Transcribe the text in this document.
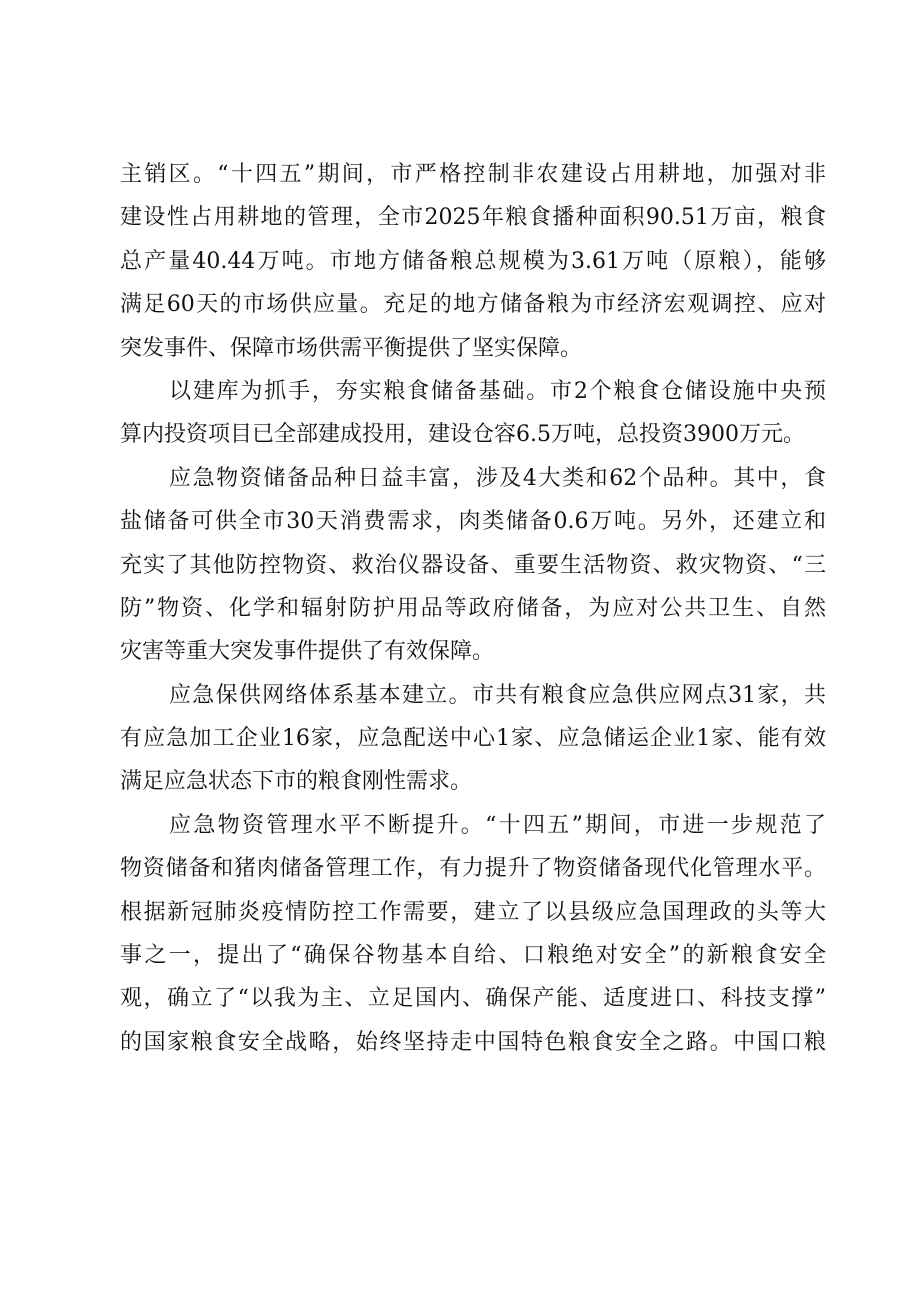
主销区。“十四五”期间，市严格控制非农建设占用耕地，加强对非
建设性占用耕地的管理，全市2025年粮食播种面积90.51万亩，粮食
总产量40.44万吨。市地方储备粮总规模为3.61万吨（原粮），能够
满足60天的市场供应量。充足的地方储备粮为市经济宏观调控、应对
突发事件、保障市场供需平衡提供了坚实保障。
以建库为抓手，夯实粮食储备基础。市2个粮食仓储设施中央预
算内投资项目已全部建成投用，建设仓容6.5万吨，总投资3900万元。
应急物资储备品种日益丰富，涉及4大类和62个品种。其中，食
盐储备可供全市30天消费需求，肉类储备0.6万吨。另外，还建立和
充实了其他防控物资、救治仪器设备、重要生活物资、救灾物资、“三
防”物资、化学和辐射防护用品等政府储备，为应对公共卫生、自然
灾害等重大突发事件提供了有效保障。
应急保供网络体系基本建立。市共有粮食应急供应网点31家，共
有应急加工企业16家，应急配送中心1家、应急储运企业1家、能有效
满足应急状态下市的粮食刚性需求。
应急物资管理水平不断提升。“十四五”期间，市进一步规范了
物资储备和猪肉储备管理工作，有力提升了物资储备现代化管理水平。
根据新冠肺炎疫情防控工作需要，建立了以县级应急国理政的头等大
事之一，提出了“确保谷物基本自给、口粮绝对安全”的新粮食安全
观，确立了“以我为主、立足国内、确保产能、适度进口、科技支撑”
的国家粮食安全战略，始终坚持走中国特色粮食安全之路。中国口粮
